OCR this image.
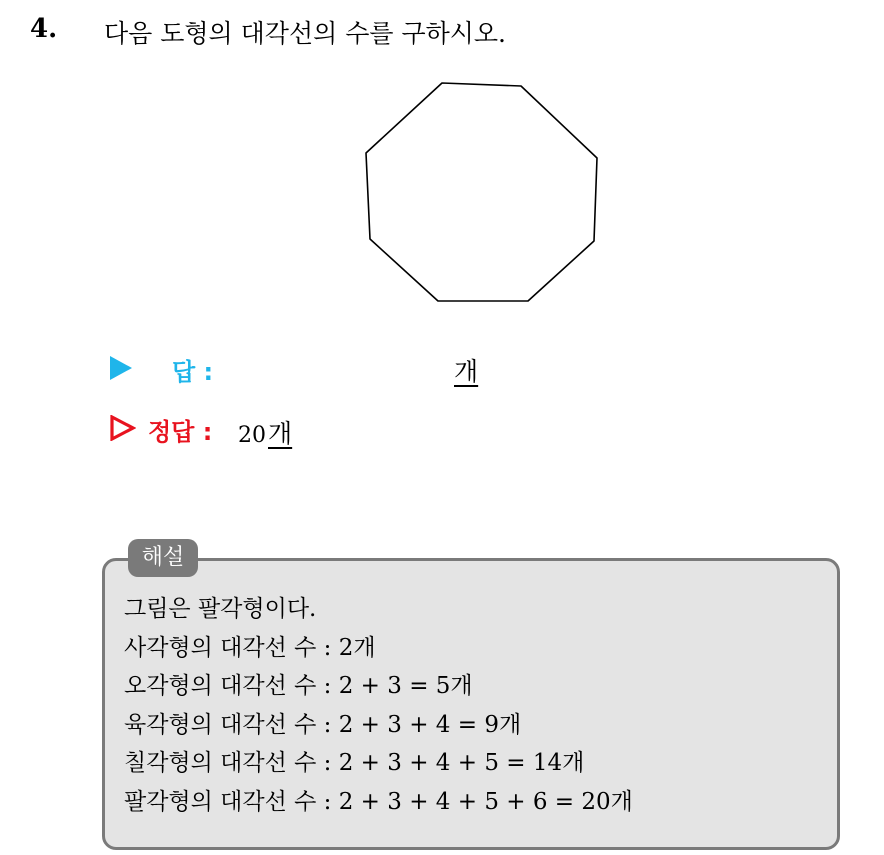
4. 다음 도형의 대각선의 수를 구하시오.
답 :	개
정답 : 20개
해설
그림은 팔각형이다.
사각형의 대각선 수 : 2개
오각형의 대각선 수 : 2 + 3 = 5개
육각형의 대각선 수 : 2 + 3 + 4 = 9개
칠각형의 대각선 수 : 2 + 3 + 4 + 5 = 14개
팔각형의 대각선 수 : 2 + 3 + 4 + 5 + 6 = 20개
